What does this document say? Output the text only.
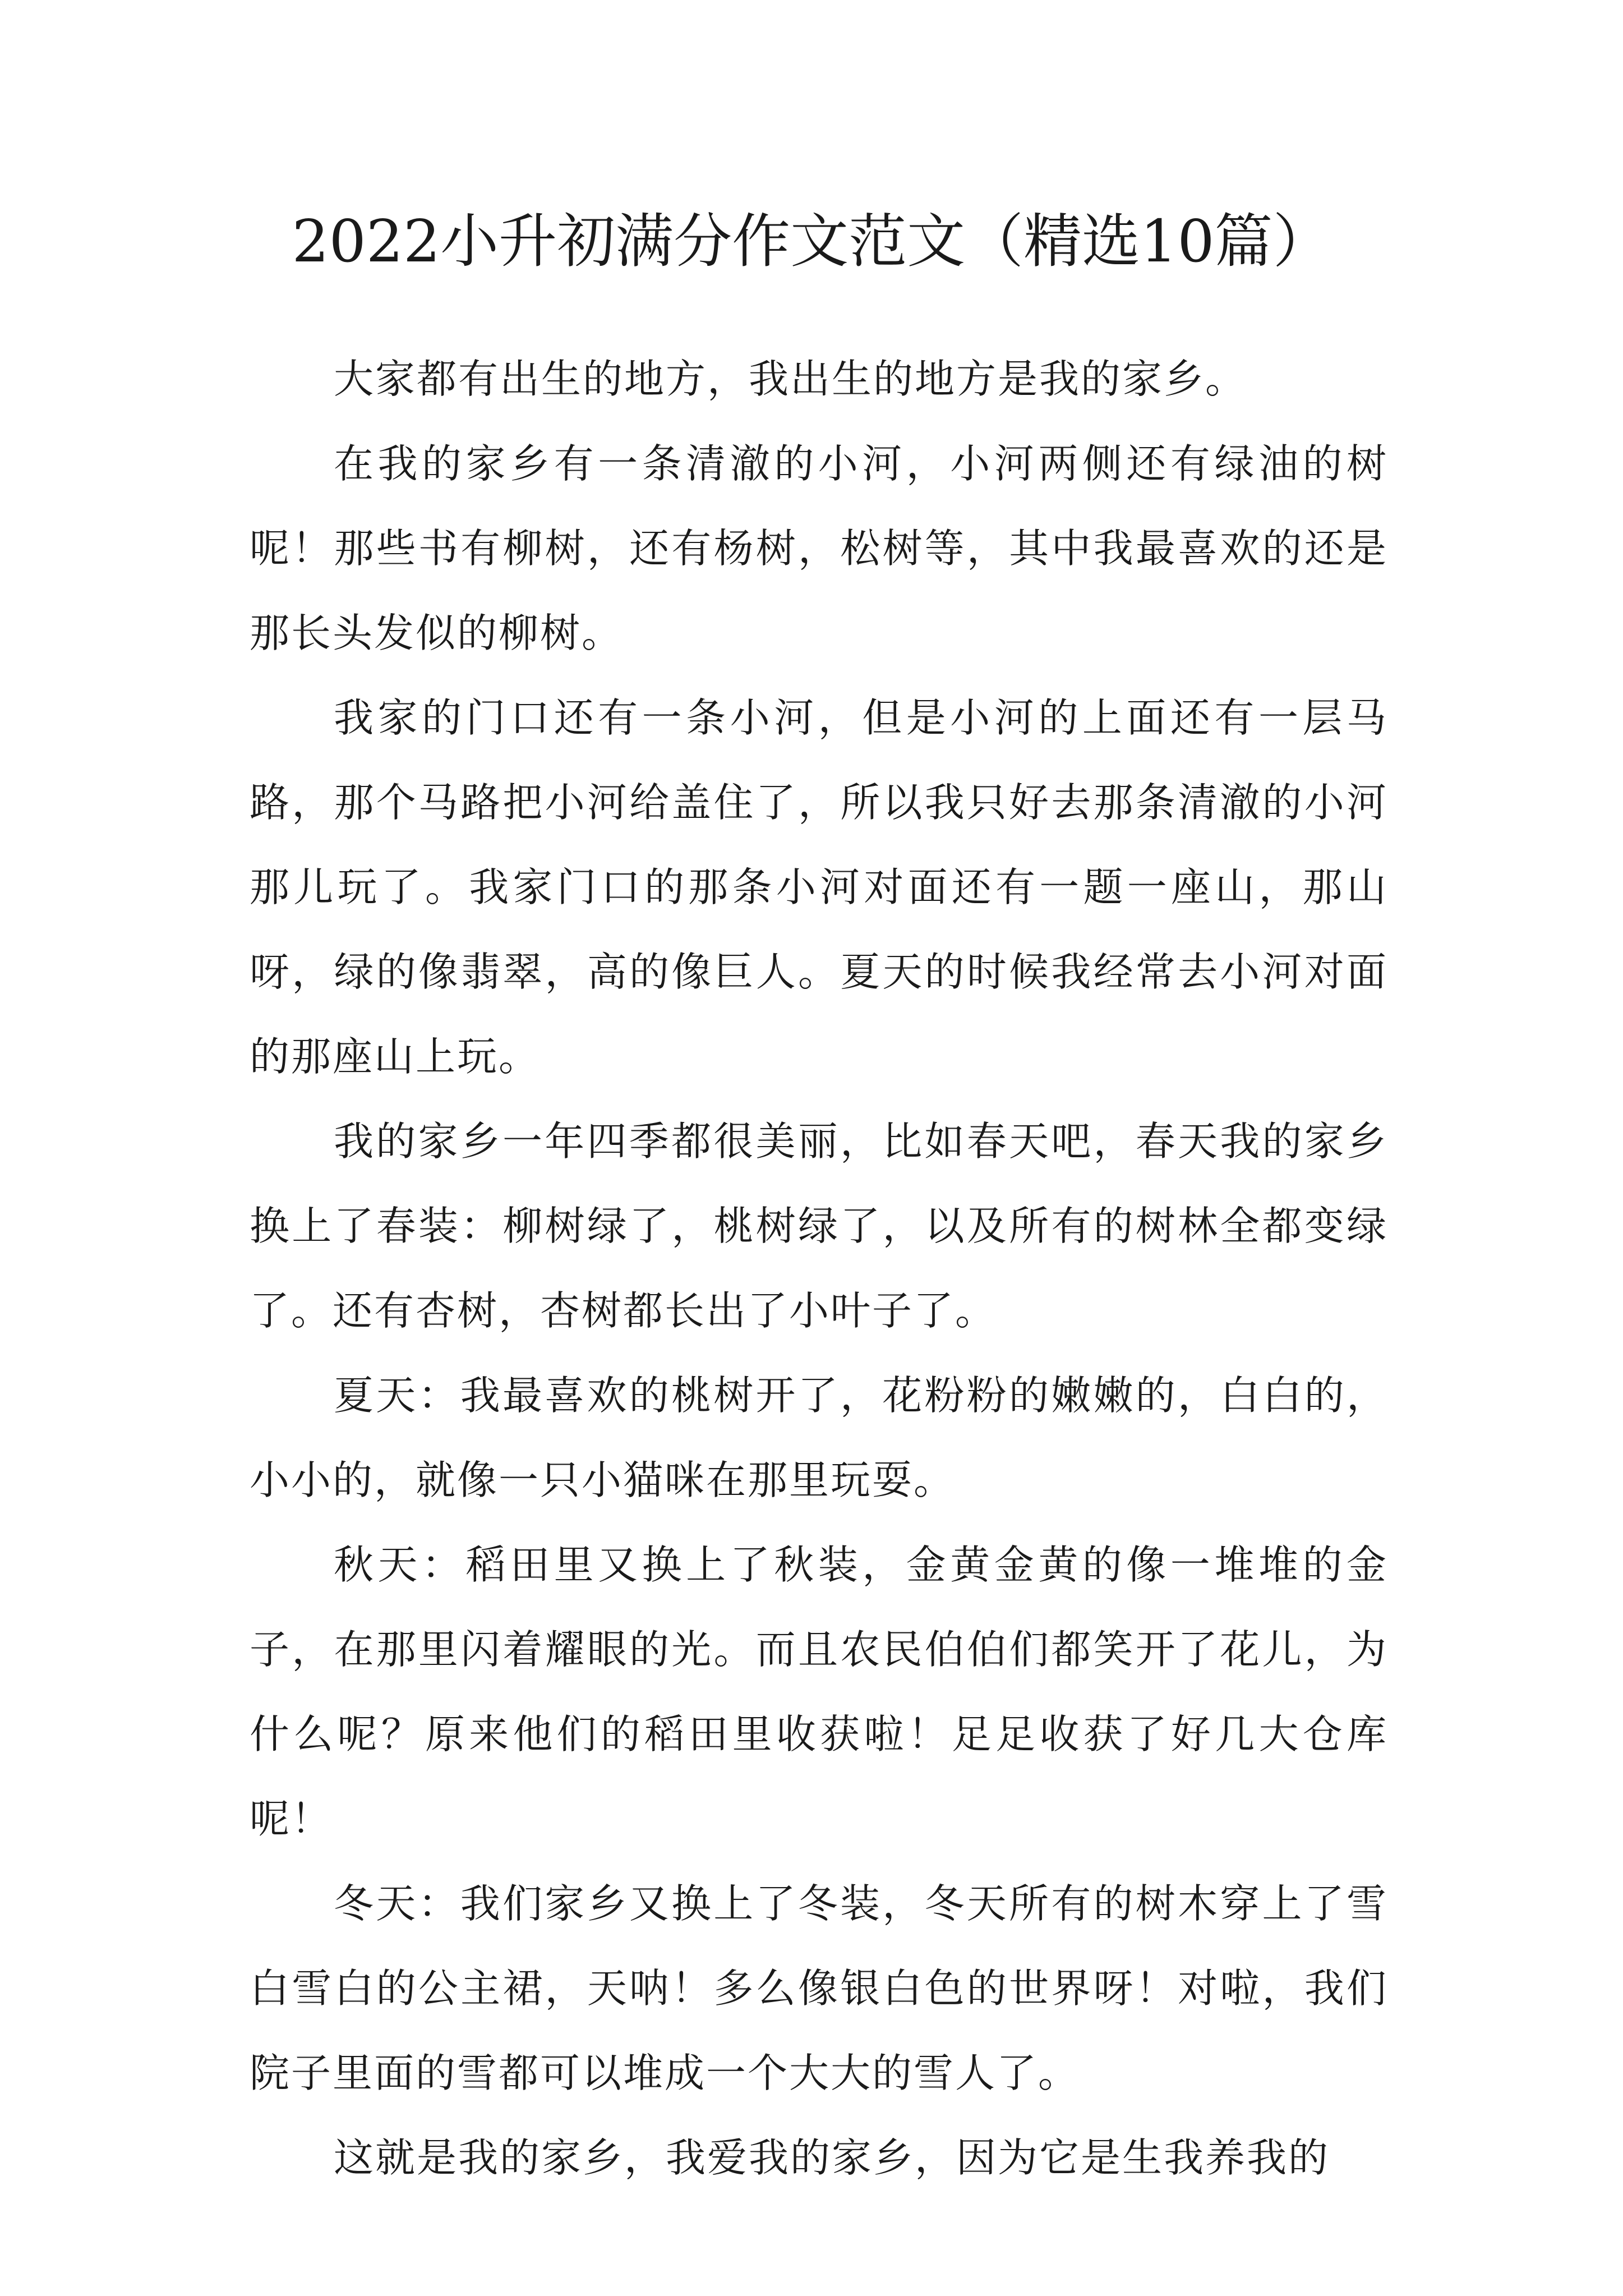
2022小升初满分作文范文（精选10篇）

大家都有出生的地方，我出生的地方是我的家乡。

在我的家乡有一条清澈的小河，小河两侧还有绿油的树呢！那些书有柳树，还有杨树，松树等，其中我最喜欢的还是那长头发似的柳树。

我家的门口还有一条小河，但是小河的上面还有一层马路，那个马路把小河给盖住了，所以我只好去那条清澈的小河那儿玩了。我家门口的那条小河对面还有一题一座山，那山呀，绿的像翡翠，高的像巨人。夏天的时候我经常去小河对面的那座山上玩。

我的家乡一年四季都很美丽，比如春天吧，春天我的家乡换上了春装：柳树绿了，桃树绿了，以及所有的树林全都变绿了。还有杏树，杏树都长出了小叶子了。

夏天：我最喜欢的桃树开了，花粉粉的嫩嫩的，白白的，小小的，就像一只小猫咪在那里玩耍。

秋天：稻田里又换上了秋装，金黄金黄的像一堆堆的金子，在那里闪着耀眼的光。而且农民伯伯们都笑开了花儿，为什么呢？原来他们的稻田里收获啦！足足收获了好几大仓库呢！

冬天：我们家乡又换上了冬装，冬天所有的树木穿上了雪白雪白的公主裙，天呐！多么像银白色的世界呀！对啦，我们院子里面的雪都可以堆成一个大大的雪人了。

这就是我的家乡，我爱我的家乡，因为它是生我养我的
